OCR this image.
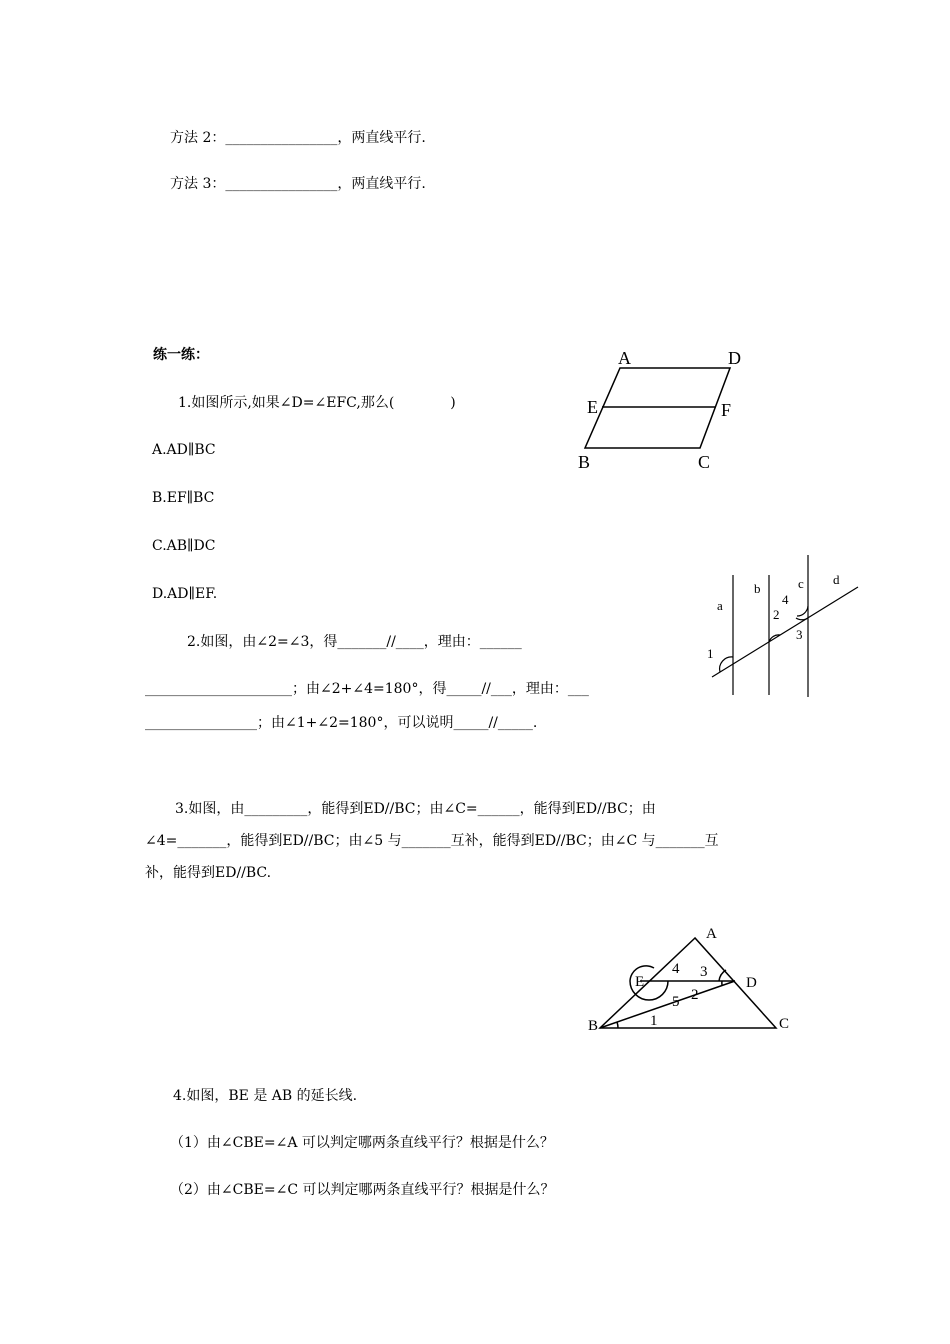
方法 2：________________，两直线平行.
方法 3：________________，两直线平行.
练一练：
1.如图所示,如果∠D=∠EFC,那么(　　　　)
A.AD∥BC
B.EF∥BC
C.AB∥DC
D.AD∥EF.
2.如图，由∠2=∠3，得_______//____，理由：______
_____________________；由∠2+∠4=180°，得_____//___，理由：___
________________；由∠1+∠2=180°，可以说明_____//_____.
3.如图，由_________，能得到ED//BC；由∠C=______，能得到ED//BC；由
∠4=_______，能得到ED//BC；由∠5 与_______互补，能得到ED//BC；由∠C 与_______互
补，能得到ED//BC.
4.如图，BE 是 AB 的延长线.
（1）由∠CBE=∠A 可以判定哪两条直线平行？根据是什么？
（2）由∠CBE=∠C 可以判定哪两条直线平行？根据是什么？
A	D
E	F
B	C
a
b	c d
1
2
4
3
A
E	D
B	C
4 3
2
5
1
